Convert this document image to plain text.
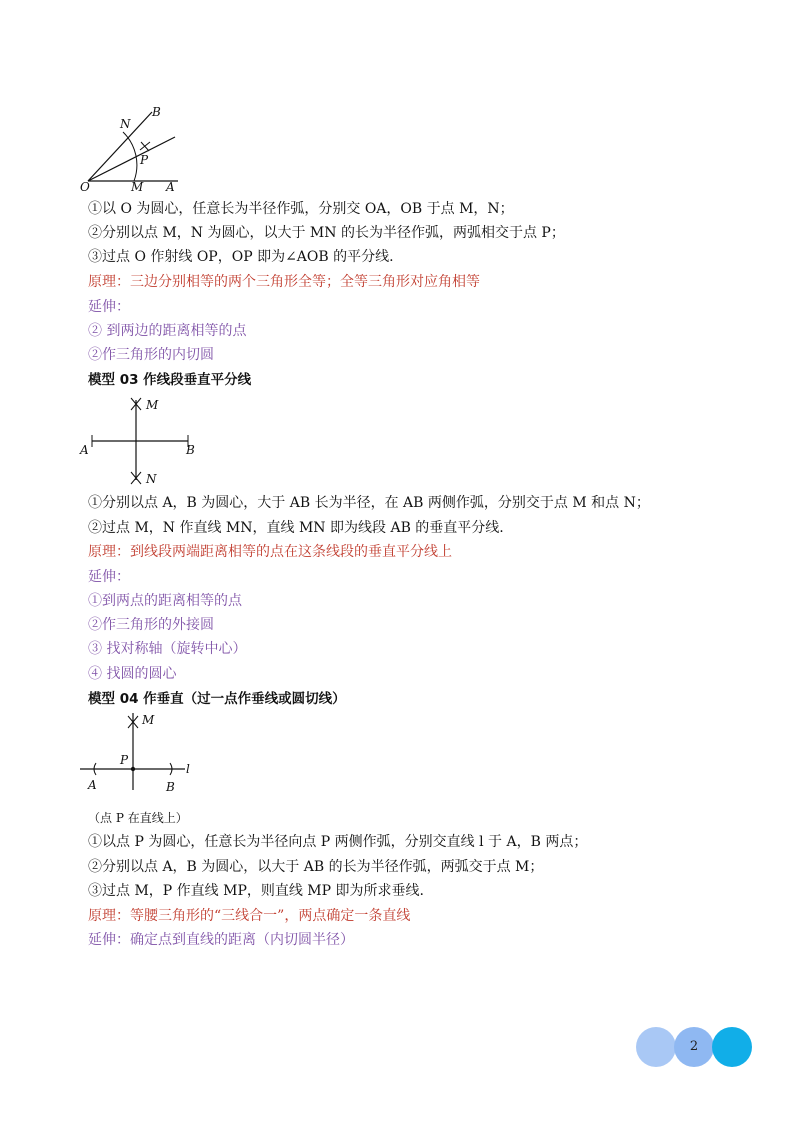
B
N
P
O	M A
①以 O 为圆心，任意长为半径作弧，分别交 OA，OB 于点 M，N；
②分别以点 M，N 为圆心，以大于 MN 的长为半径作弧，两弧相交于点 P；
③过点 O 作射线 OP，OP 即为∠AOB 的平分线.
原理：三边分别相等的两个三角形全等；全等三角形对应角相等
延伸：
② 到两边的距离相等的点
②作三角形的内切圆
模型 03 作线段垂直平分线
M
A	B
N
①分别以点 A，B 为圆心，大于 AB 长为半径，在 AB 两侧作弧，分别交于点 M 和点 N；
②过点 M，N 作直线 MN，直线 MN 即为线段 AB 的垂直平分线.
原理：到线段两端距离相等的点在这条线段的垂直平分线上
延伸：
①到两点的距离相等的点
②作三角形的外接圆
③ 找对称轴（旋转中心）
④ 找圆的圆心
模型 04 作垂直（过一点作垂线或圆切线）
M
P
l
A	B
（点 P 在直线上）
①以点 P 为圆心，任意长为半径向点 P 两侧作弧，分别交直线 l 于 A，B 两点；
②分别以点 A，B 为圆心，以大于 AB 的长为半径作弧，两弧交于点 M；
③过点 M，P 作直线 MP，则直线 MP 即为所求垂线.
原理：等腰三角形的“三线合一”，两点确定一条直线
延伸：确定点到直线的距离（内切圆半径）
2
